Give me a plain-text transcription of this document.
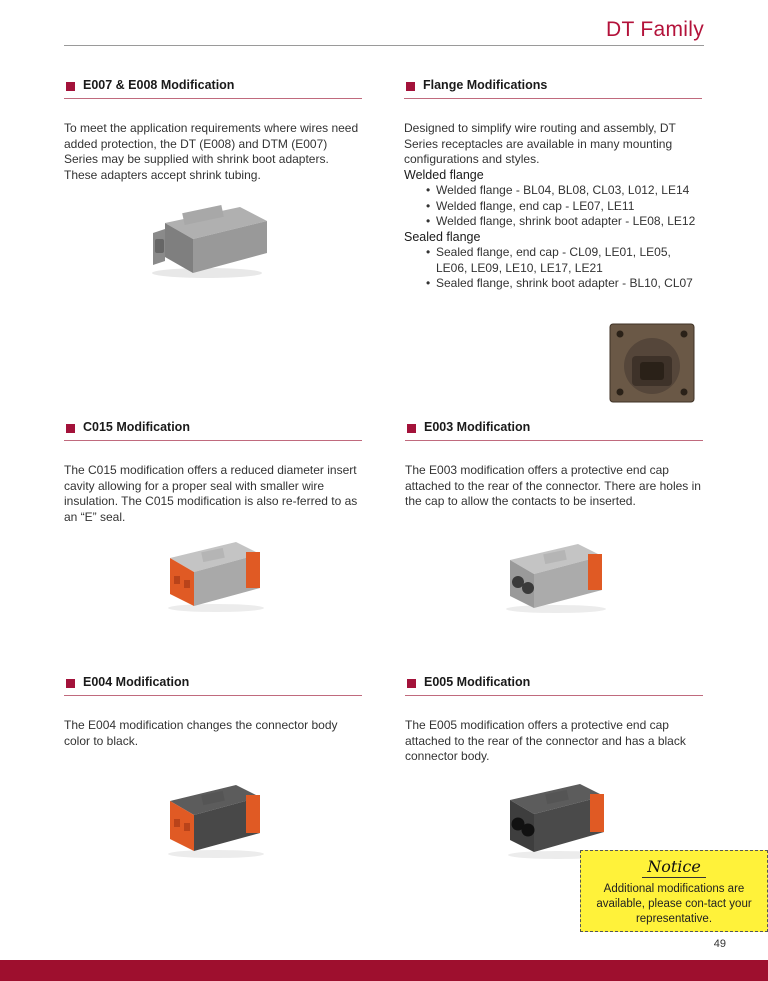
DT Family
E007 & E008 Modification
To meet the application requirements where wires need added protection, the DT (E008) and DTM (E007) Series may be supplied with shrink boot adapters. These adapters accept shrink tubing.
Flange Modifications
Designed to simplify wire routing and assembly, DT Series receptacles are available in many mounting configurations and styles.
Welded flange
• Welded flange - BL04, BL08, CL03, L012, LE14
• Welded flange, end cap - LE07, LE11
• Welded flange, shrink boot adapter - LE08, LE12
Sealed flange
• Sealed flange, end cap - CL09, LE01, LE05, LE06, LE09, LE10, LE17, LE21
• Sealed flange, shrink boot adapter - BL10, CL07
C015 Modification
The C015 modification offers a reduced diameter insert cavity allowing for a proper seal with smaller wire insulation. The C015 modification is also re-ferred to as an “E” seal.
E003 Modification
The E003 modification offers a protective end cap attached to the rear of the connector. There are holes in the cap to allow the contacts to be inserted.
E004 Modification
The E004 modification changes the connector body color to black.
E005 Modification
The E005 modification offers a protective end cap attached to the rear of the connector and has a black connector body.
Notice
Additional modifications are available, please con-tact your representative.
49
